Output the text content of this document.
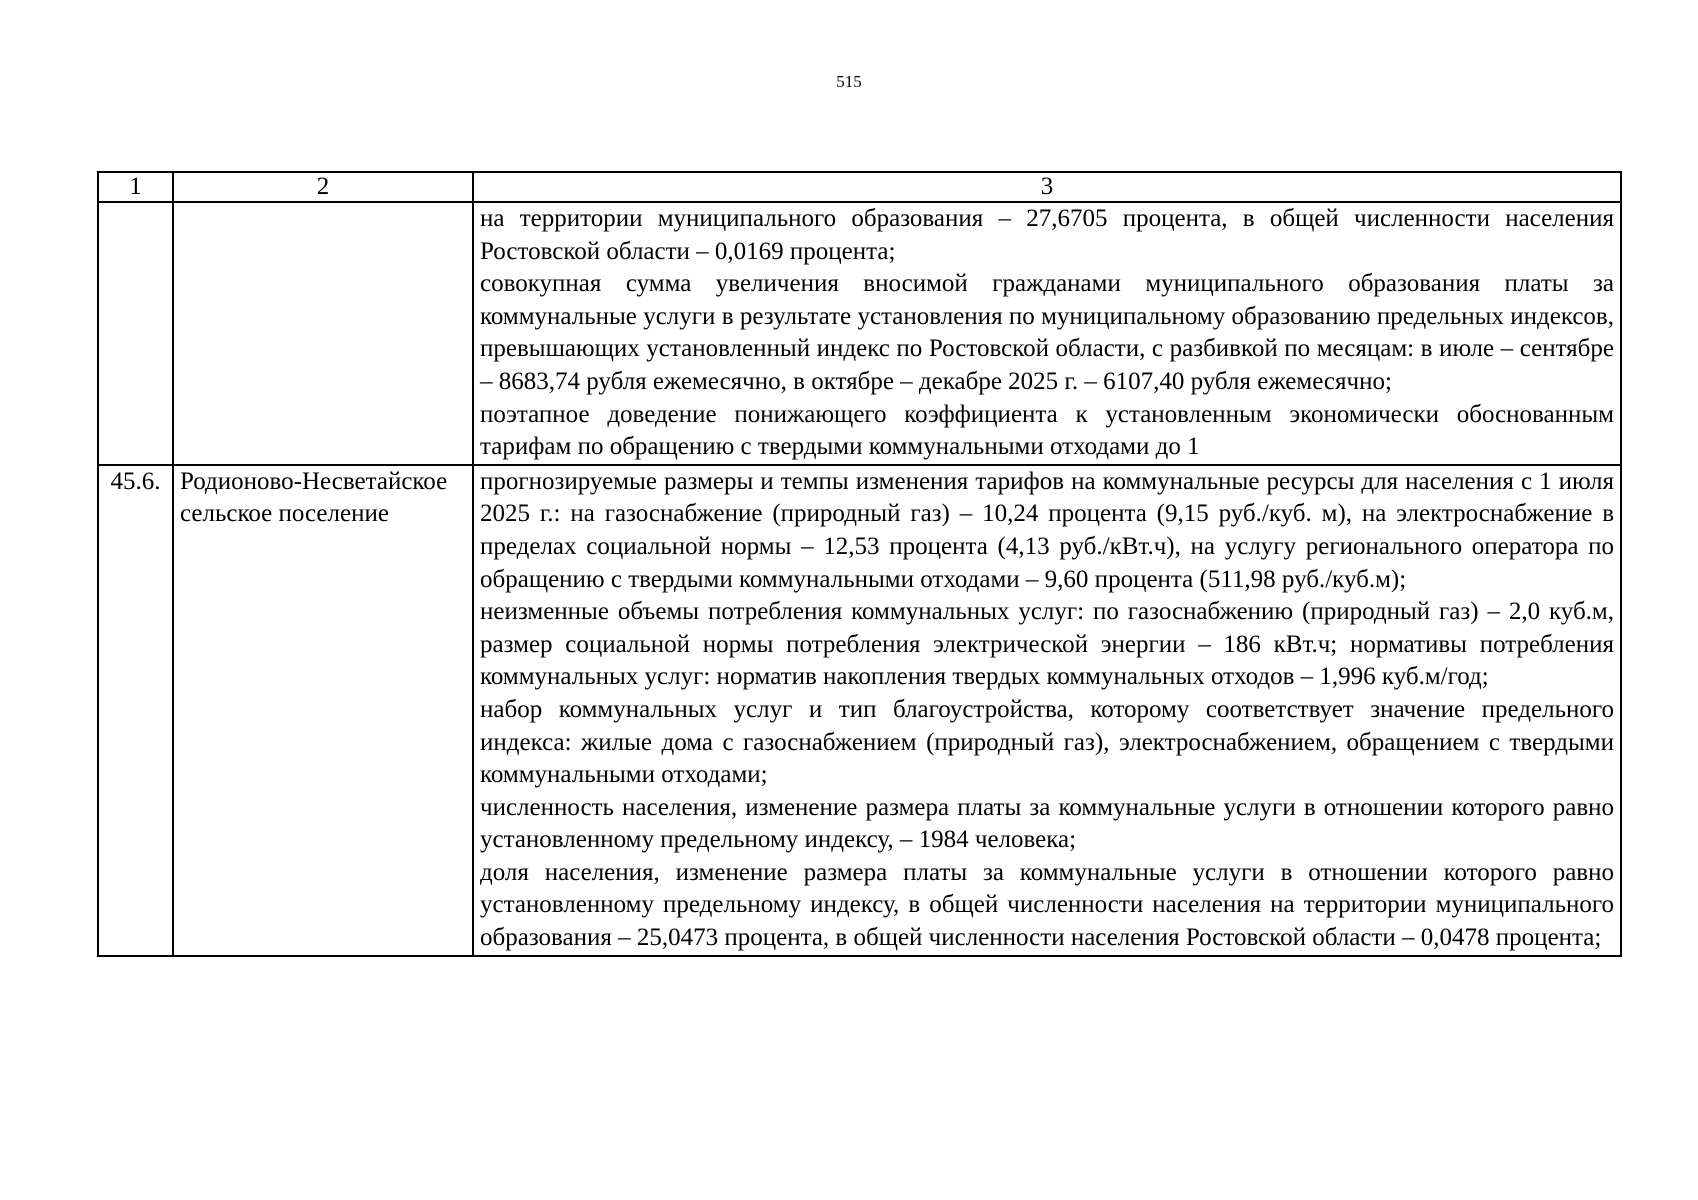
515
1	2	3

		на территории муниципального образования – 27,6705 процента, в общей численности населения Ростовской области – 0,0169 процента;
совокупная сумма увеличения вносимой гражданами муниципального образования платы за коммунальные услуги в результате установления по муниципальному образованию предельных индексов, превышающих установленный индекс по Ростовской области, с разбивкой по месяцам: в июле – сентябре – 8683,74 рубля ежемесячно, в октябре – декабре 2025 г. – 6107,40 рубля ежемесячно;
поэтапное доведение понижающего коэффициента к установленным экономически обоснованным тарифам по обращению с твердыми коммунальными отходами до 1

45.6.	Родионово-Несветайское сельское поселение	прогнозируемые размеры и темпы изменения тарифов на коммунальные ресурсы для населения с 1 июля 2025 г.: на газоснабжение (природный газ) – 10,24 процента (9,15 руб./куб. м), на электроснабжение в пределах социальной нормы – 12,53 процента (4,13 руб./кВт.ч), на услугу регионального оператора по обращению с твердыми коммунальными отходами – 9,60 процента (511,98 руб./куб.м);
неизменные объемы потребления коммунальных услуг: по газоснабжению (природный газ) – 2,0 куб.м, размер социальной нормы потребления электрической энергии – 186 кВт.ч; нормативы потребления коммунальных услуг: норматив накопления твердых коммунальных отходов – 1,996 куб.м/год;
набор коммунальных услуг и тип благоустройства, которому соответствует значение предельного индекса: жилые дома с газоснабжением (природный газ), электроснабжением, обращением с твердыми коммунальными отходами;
численность населения, изменение размера платы за коммунальные услуги в отношении которого равно установленному предельному индексу, – 1984 человека;
доля населения, изменение размера платы за коммунальные услуги в отношении которого равно установленному предельному индексу, в общей численности населения на территории муниципального образования – 25,0473 процента, в общей численности населения Ростовской области – 0,0478 процента;
